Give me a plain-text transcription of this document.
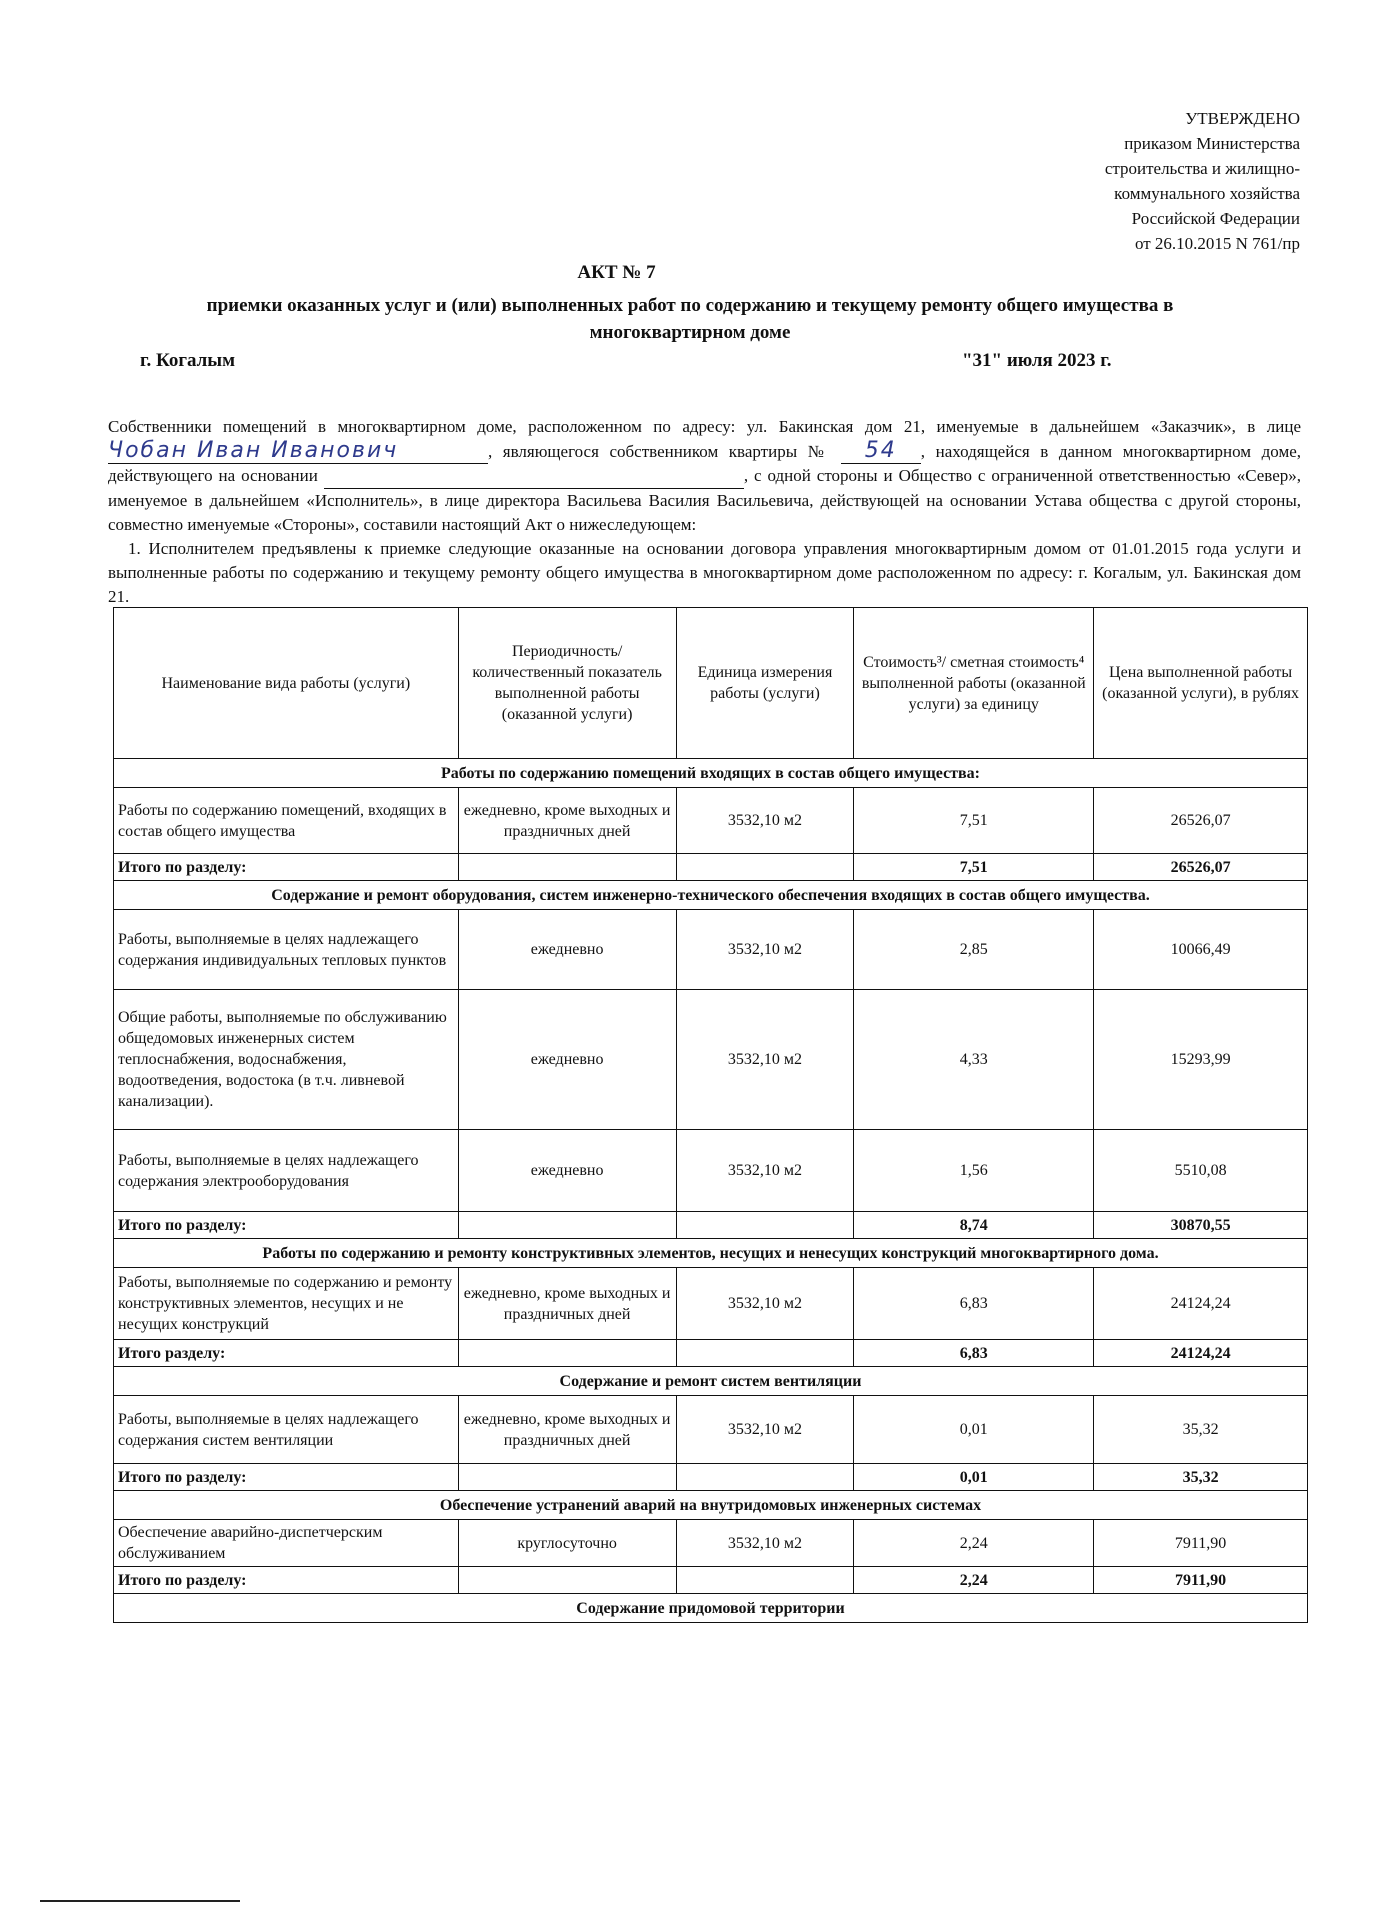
УТВЕРЖДЕНО
приказом Министерства
строительства и жилищно-
коммунального хозяйства
Российской Федерации
от 26.10.2015 N 761/пр
АКТ № 7
приемки оказанных услуг и (или) выполненных работ по содержанию и текущему ремонту общего имущества в многоквартирном доме
г. Когалым	"31" июля 2023 г.
Собственники помещений в многоквартирном доме, расположенном по адресу: ул. Бакинская дом 21, именуемые в дальнейшем «Заказчик», в лице Чобан Иван Иванович	, являющегося собственником квартиры № 54 , находящейся в данном многоквартирном доме, действующего на основании	, с одной стороны и Общество с ограниченной ответственностью «Север», именуемое в дальнейшем «Исполнитель», в лице директора Васильева Василия Васильевича, действующей на основании Устава общества с другой стороны, совместно именуемые «Стороны», составили настоящий Акт о нижеследующем:
1. Исполнителем предъявлены к приемке следующие оказанные на основании договора управления многоквартирным домом от 01.01.2015 года услуги и выполненные работы по содержанию и текущему ремонту общего имущества в многоквартирном доме расположенном по адресу: г. Когалым, ул. Бакинская дом 21.
Наименование вида работы (услуги)	Периодичность/ количественный показатель выполненной работы (оказанной услуги)	Единица измерения работы (услуги)	Стоимость³/ сметная стоимость⁴ выполненной работы (оказанной услуги) за единицу	Цена выполненной работы (оказанной услуги), в рублях
Работы по содержанию помещений входящих в состав общего имущества:				
Работы по содержанию помещений, входящих в состав общего имущества	ежедневно, кроме выходных и праздничных дней	3532,10 м2	7,51	26526,07
Итого по разделу:			7,51	26526,07
Содержание и ремонт оборудования, систем инженерно-технического обеспечения входящих в состав общего имущества.				
Работы, выполняемые в целях надлежащего содержания индивидуальных тепловых пунктов	ежедневно	3532,10 м2	2,85	10066,49
Общие работы, выполняемые по обслуживанию общедомовых инженерных систем теплоснабжения, водоснабжения, водоотведения, водостока (в т.ч. ливневой канализации).	ежедневно	3532,10 м2	4,33	15293,99
Работы, выполняемые в целях надлежащего содержания электрооборудования	ежедневно	3532,10 м2	1,56	5510,08
Итого по разделу:			8,74	30870,55
Работы по содержанию и ремонту конструктивных элементов, несущих и ненесущих конструкций многоквартирного дома.				
Работы, выполняемые по содержанию и ремонту конструктивных элементов, несущих и не несущих конструкций	ежедневно, кроме выходных и праздничных дней	3532,10 м2	6,83	24124,24
Итого разделу:			6,83	24124,24
Содержание и ремонт систем вентиляции				
Работы, выполняемые в целях надлежащего содержания систем вентиляции	ежедневно, кроме выходных и праздничных дней	3532,10 м2	0,01	35,32
Итого по разделу:			0,01	35,32
Обеспечение устранений аварий на внутридомовых инженерных системах				
Обеспечение аварийно-диспетчерским обслуживанием	круглосуточно	3532,10 м2	2,24	7911,90
Итого по разделу:			2,24	7911,90
Содержание придомовой территории				
